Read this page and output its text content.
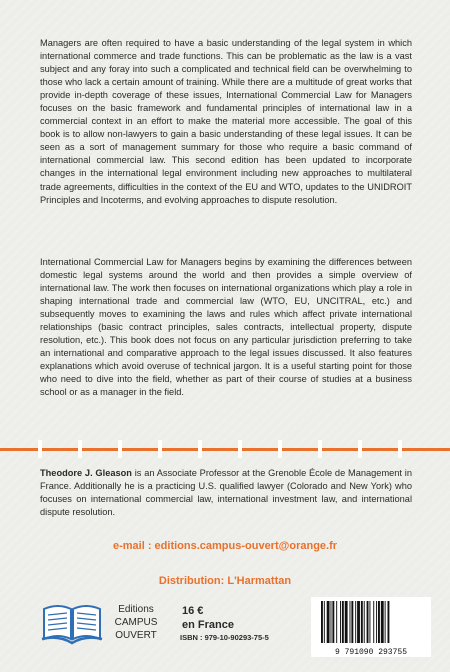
Managers are often required to have a basic understanding of the legal system in which international commerce and trade functions. This can be problematic as the law is a vast subject and any foray into such a complicated and technical field can be overwhelming to those who lack a certain amount of training. While there are a multitude of great works that provide in-depth coverage of these issues, International Commercial Law for Managers focuses on the basic framework and fundamental principles of international law in a commercial context in an effort to make the material more accessible. The goal of this book is to allow non-lawyers to gain a basic understanding of these legal issues. It can be seen as a sort of management summary for those who require a basic command of international commercial law. This second edition has been updated to incorporate changes in the international legal environment including new approaches to multilateral trade agreements, difficulties in the context of the EU and WTO, updates to the UNIDROIT Principles and Incoterms, and evolving approaches to dispute resolution.

International Commercial Law for Managers begins by examining the differences between domestic legal systems around the world and then provides a simple overview of international law. The work then focuses on international organizations which play a role in shaping international trade and commercial law (WTO, EU, UNCITRAL, etc.) and subsequently moves to examining the laws and rules which affect private international relationships (basic contract principles, sales contracts, intellectual property, dispute resolution, etc.). This book does not focus on any particular jurisdiction preferring to take an international and comparative approach to the legal issues discussed. It also features explanations which avoid overuse of technical jargon. It is a useful starting point for those who need to dive into the field, whether as part of their course of studies at a business school or as a manager in the field.

Theodore J. Gleason is an Associate Professor at the Grenoble École de Management in France. Additionally he is a practicing U.S. qualified lawyer (Colorado and New York) who focuses on international commercial law, international investment law, and international dispute resolution.

e-mail : editions.campus-ouvert@orange.fr
Distribution: L'Harmattan
Editions
CAMPUS
OUVERT
16 €
en France
ISBN : 979-10-90293-75-5
9 791090 293755
